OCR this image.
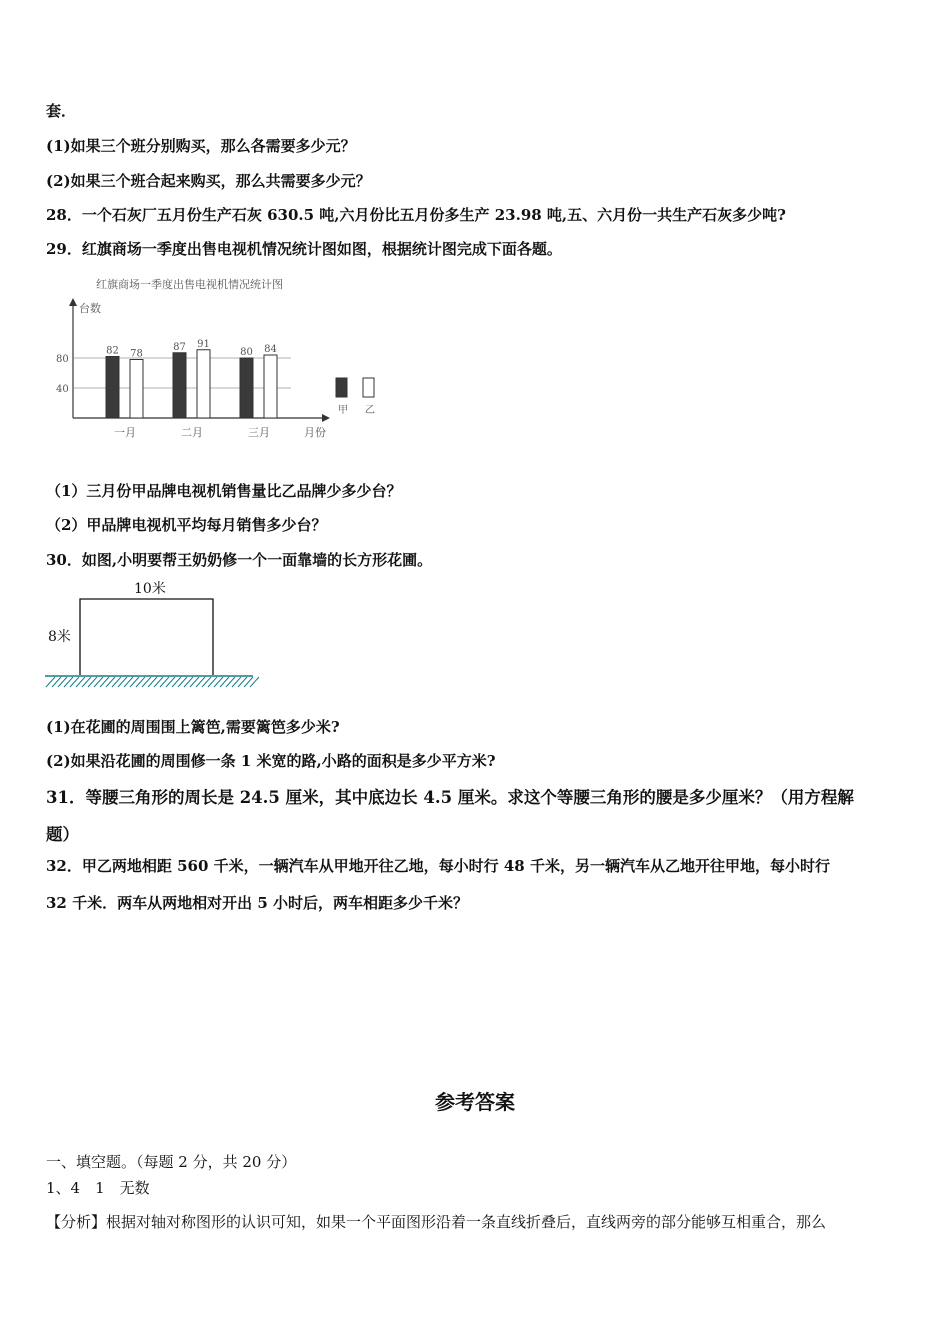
套．
(1)如果三个班分别购买，那么各需要多少元？
(2)如果三个班合起来购买，那么共需要多少元？
28．一个石灰厂五月份生产石灰 630.5 吨,六月份比五月份多生产 23.98 吨,五、六月份一共生产石灰多少吨?
29．红旗商场一季度出售电视机情况统计图如图，根据统计图完成下面各题。
红旗商场一季度出售电视机情况统计图
台数
月份
40
80
82 78
87 91
80 84
一月	二月	三月
甲 乙
（1）三月份甲品牌电视机销售量比乙品牌少多少台？
（2）甲品牌电视机平均每月销售多少台？
30．如图,小明要帮王奶奶修一个一面靠墙的长方形花圃。
10米
8米
(1)在花圃的周围围上篱笆,需要篱笆多少米?
(2)如果沿花圃的周围修一条 1 米宽的路,小路的面积是多少平方米?
31．等腰三角形的周长是 24.5 厘米，其中底边长 4.5 厘米。求这个等腰三角形的腰是多少厘米？（用方程解
题）
32．甲乙两地相距 560 千米，一辆汽车从甲地开往乙地，每小时行 48 千米，另一辆汽车从乙地开往甲地，每小时行
32 千米．两车从两地相对开出 5 小时后，两车相距多少千米？
参考答案
一、填空题。（每题 2 分，共 20 分）
1、4　1　无数
【分析】根据对轴对称图形的认识可知，如果一个平面图形沿着一条直线折叠后，直线两旁的部分能够互相重合，那么
